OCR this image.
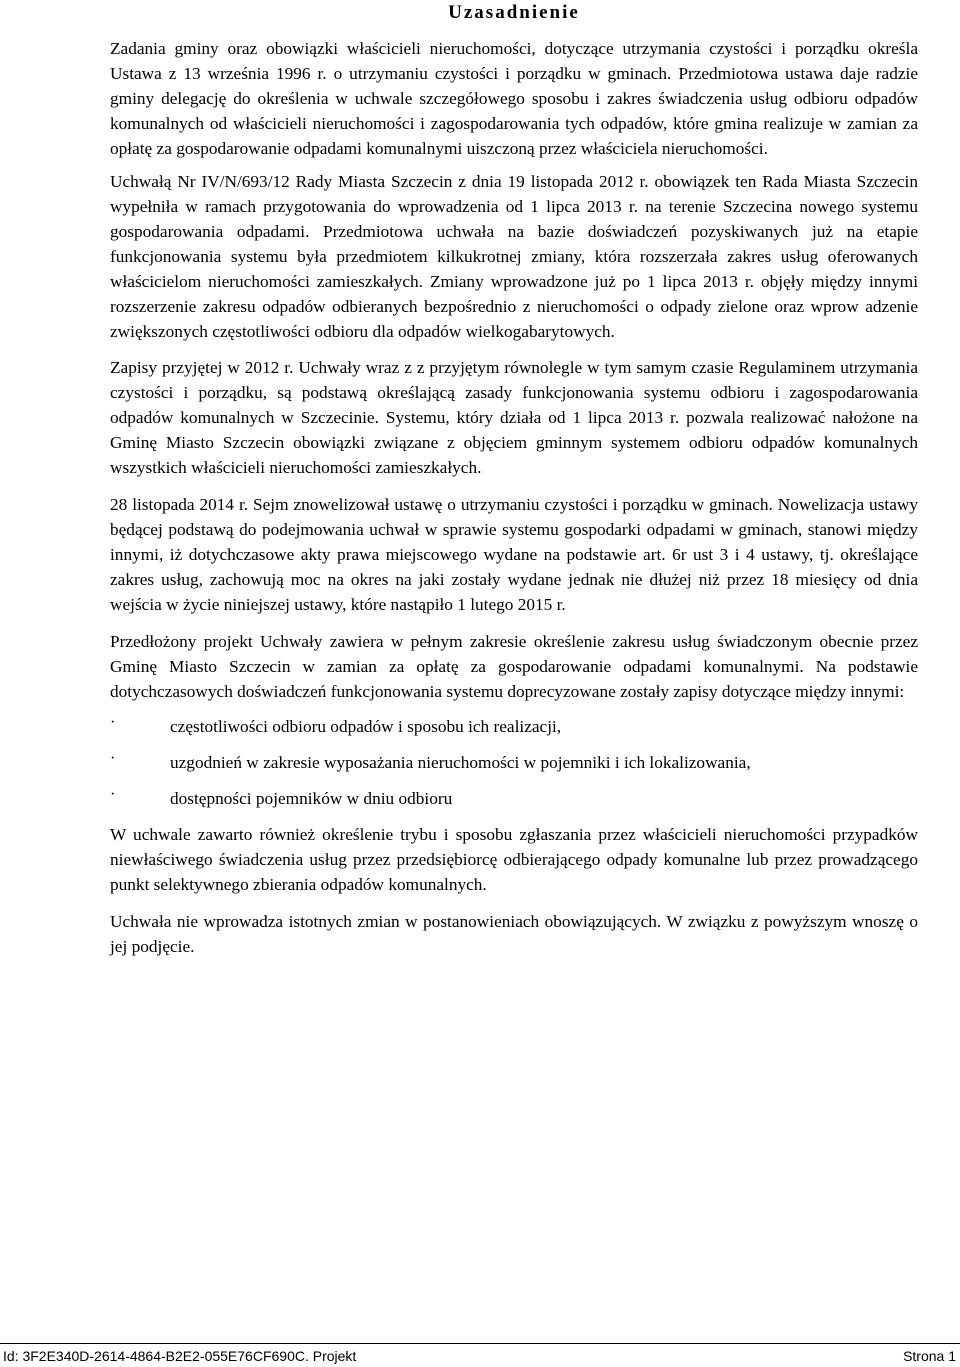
Uzasadnienie

Zadania gminy oraz obowiązki właścicieli nieruchomości, dotyczące utrzymania czystości i porządku określa Ustawa z 13 września 1996 r. o utrzymaniu czystości i porządku w gminach. Przedmiotowa ustawa daje radzie gminy delegację do określenia w uchwale szczegółowego sposobu i zakres świadczenia usług odbioru odpadów komunalnych od właścicieli nieruchomości i zagospodarowania tych odpadów, które gmina realizuje w zamian za opłatę za gospodarowanie odpadami komunalnymi uiszczoną przez właściciela nieruchomości.

Uchwałą Nr IV/N/693/12 Rady Miasta Szczecin z dnia 19 listopada 2012 r. obowiązek ten Rada Miasta Szczecin wypełniła w ramach przygotowania do wprowadzenia od 1 lipca 2013 r. na terenie Szczecina nowego systemu gospodarowania odpadami. Przedmiotowa uchwała na bazie doświadczeń pozyskiwanych już na etapie funkcjonowania systemu była przedmiotem kilkukrotnej zmiany, która rozszerzała zakres usług oferowanych właścicielom nieruchomości zamieszkałych. Zmiany wprowadzone już po 1 lipca 2013 r. objęły między innymi rozszerzenie zakresu odpadów odbieranych bezpośrednio z nieruchomości o odpady zielone oraz wprow adzenie zwiększonych częstotliwości odbioru dla odpadów wielkogabarytowych.

Zapisy przyjętej w 2012 r. Uchwały wraz z z przyjętym równolegle w tym samym czasie Regulaminem utrzymania czystości i porządku, są podstawą określającą zasady funkcjonowania systemu odbioru i zagospodarowania odpadów komunalnych w Szczecinie. Systemu, który działa od 1 lipca 2013 r. pozwala realizować nałożone na Gminę Miasto Szczecin obowiązki związane z objęciem gminnym systemem odbioru odpadów komunalnych wszystkich właścicieli nieruchomości zamieszkałych.

28 listopada 2014 r. Sejm znowelizował ustawę o utrzymaniu czystości i porządku w gminach. Nowelizacja ustawy będącej podstawą do podejmowania uchwał w sprawie systemu gospodarki odpadami w gminach, stanowi między innymi, iż dotychczasowe akty prawa miejscowego wydane na podstawie art. 6r ust 3 i 4 ustawy, tj. określające zakres usług, zachowują moc na okres na jaki zostały wydane jednak nie dłużej niż przez 18 miesięcy od dnia wejścia w życie niniejszej ustawy, które nastąpiło 1 lutego 2015 r.

Przedłożony projekt Uchwały zawiera w pełnym zakresie określenie zakresu usług świadczonym obecnie przez Gminę Miasto Szczecin w zamian za opłatę za gospodarowanie odpadami komunalnymi. Na podstawie dotychczasowych doświadczeń funkcjonowania systemu doprecyzowane zostały zapisy dotyczące między innymi:

·	częstotliwości odbioru odpadów i sposobu ich realizacji,
·	uzgodnień w zakresie wyposażania nieruchomości w pojemniki i ich lokalizowania,
·	dostępności pojemników w dniu odbioru

W uchwale zawarto również określenie trybu i sposobu zgłaszania przez właścicieli nieruchomości przypadków niewłaściwego świadczenia usług przez przedsiębiorcę odbierającego odpady komunalne lub przez prowadzącego punkt selektywnego zbierania odpadów komunalnych.

Uchwała nie wprowadza istotnych zmian w postanowieniach obowiązujących. W związku z powyższym wnoszę o jej podjęcie.

Id: 3F2E340D-2614-4864-B2E2-055E76CF690C. Projekt	Strona 1
